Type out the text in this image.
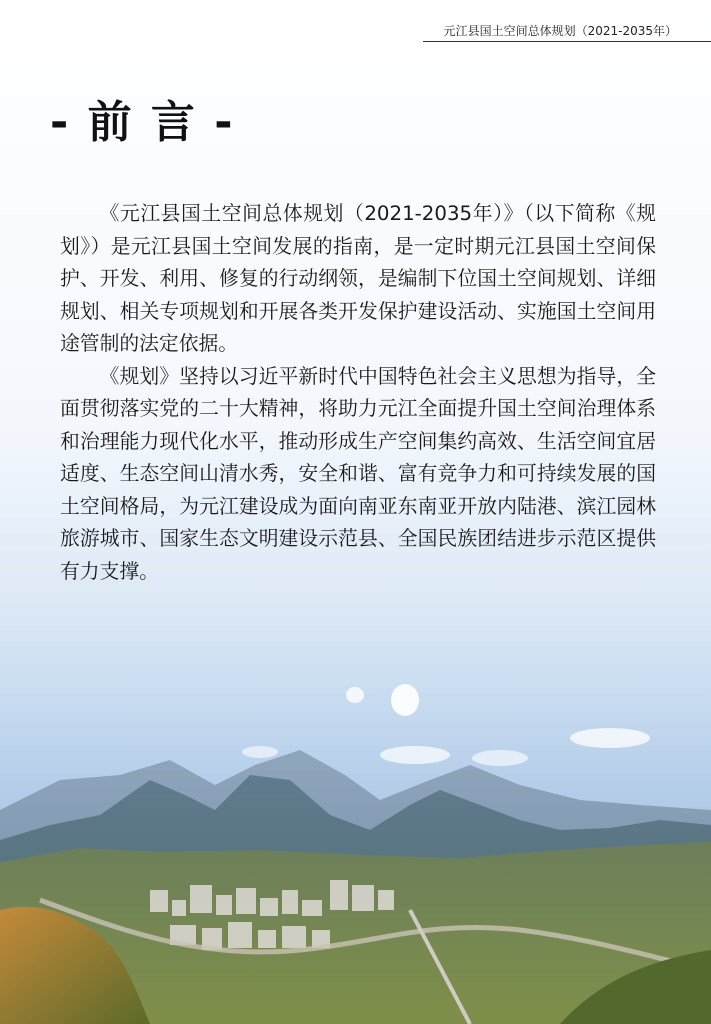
元江县国土空间总体规划（2021-2035年）
- 前 言 -

《元江县国土空间总体规划（2021-2035年）》（以下简称《规划》）是元江县国土空间发展的指南，是一定时期元江县国土空间保护、开发、利用、修复的行动纲领，是编制下位国土空间规划、详细规划、相关专项规划和开展各类开发保护建设活动、实施国土空间用途管制的法定依据。

《规划》坚持以习近平新时代中国特色社会主义思想为指导，全面贯彻落实党的二十大精神，将助力元江全面提升国土空间治理体系和治理能力现代化水平，推动形成生产空间集约高效、生活空间宜居适度、生态空间山清水秀，安全和谐、富有竞争力和可持续发展的国土空间格局，为元江建设成为面向南亚东南亚开放内陆港、滨江园林旅游城市、国家生态文明建设示范县、全国民族团结进步示范区提供有力支撑。
